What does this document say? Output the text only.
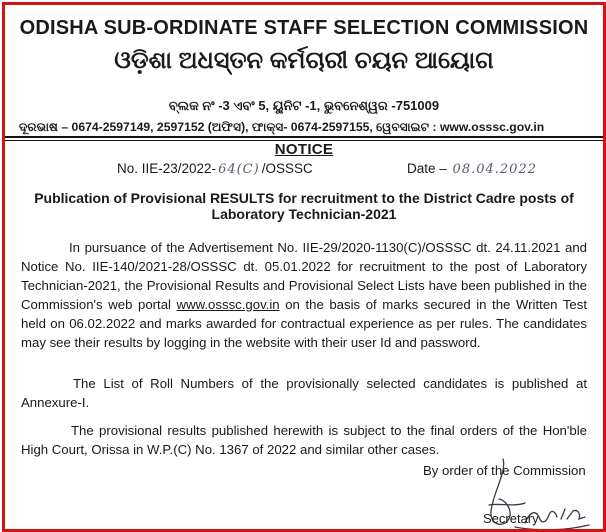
ODISHA SUB-ORDINATE STAFF SELECTION COMMISSION
ଓଡ଼ିଶା ଅଧସ୍ତନ କର୍ମଚାରୀ ଚୟନ ଆୟୋଗ
ବ୍ଲକ ନଂ -3 ଏବଂ 5, ୟୁନିଟ -1, ଭୁବନେଶ୍ୱର -751009
ଦୂରଭାଷ – 0674-2597149, 2597152 (ଅଫିସ), ଫାକ୍ସ- 0674-2597155, ୱେବସାଇଟ : www.osssc.gov.in
NOTICE
No. IIE-23/2022- 64(C) /OSSSC	Date – 08.04.2022
Publication of Provisional RESULTS for recruitment to the District Cadre posts of Laboratory Technician-2021
In pursuance of the Advertisement No. IIE-29/2020-1130(C)/OSSSC dt. 24.11.2021 and Notice No. IIE-140/2021-28/OSSSC dt. 05.01.2022 for recruitment to the post of Laboratory Technician-2021, the Provisional Results and Provisional Select Lists have been published in the Commission's web portal www.osssc.gov.in on the basis of marks secured in the Written Test held on 06.02.2022 and marks awarded for contractual experience as per rules. The candidates may see their results by logging in the website with their user Id and password.
The List of Roll Numbers of the provisionally selected candidates is published at Annexure-I.
The provisional results published herewith is subject to the final orders of the Hon'ble High Court, Orissa in W.P.(C) No. 1367 of 2022 and similar other cases.
By order of the Commission
Secretary
